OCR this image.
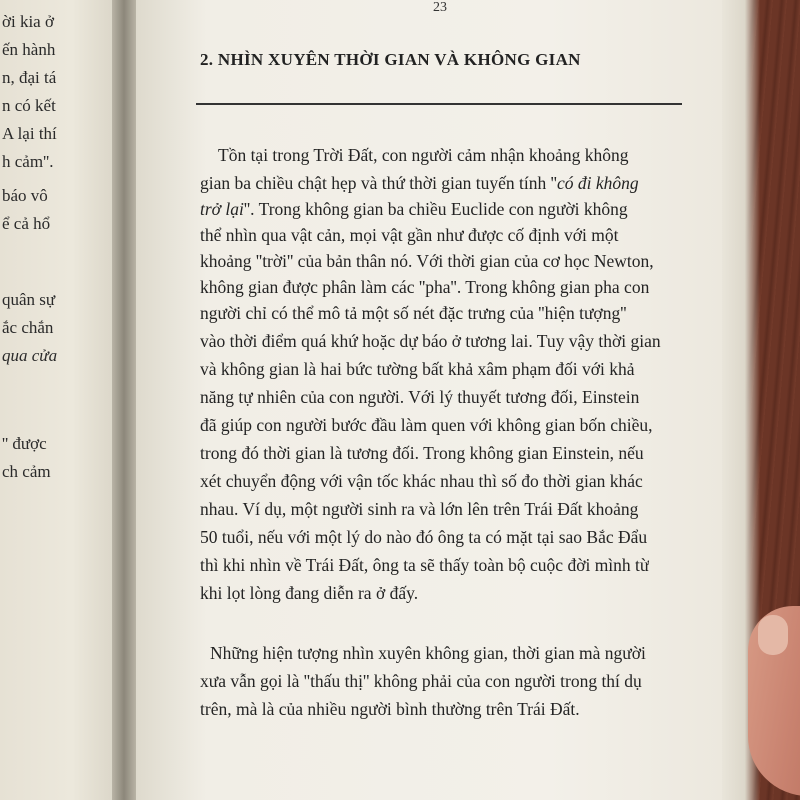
ời kia ở
ến hành
n, đại tá
n có kết
A lại thí
h cảm''.
báo vô
ể cả hổ
quân sự
ắc chắn
qua cửa
'' được
ch cảm
23
2. NHÌN XUYÊN THỜI GIAN VÀ KHÔNG GIAN
Tồn tại trong Trời Đất, con người cảm nhận khoảng không
gian ba chiều chật hẹp và thứ thời gian tuyến tính ''có đi không
trở lại''. Trong không gian ba chiều Euclide con người không
thể nhìn qua vật cản, mọi vật gần như được cố định với một
khoảng ''trời'' của bản thân nó. Với thời gian của cơ học Newton,
không gian được phân làm các ''pha''. Trong không gian pha con
người chỉ có thể mô tả một số nét đặc trưng của ''hiện tượng''
vào thời điểm quá khứ hoặc dự báo ở tương lai. Tuy vậy thời gian
và không gian là hai bức tường bất khả xâm phạm đối với khả
năng tự nhiên của con người. Với lý thuyết tương đối, Einstein
đã giúp con người bước đầu làm quen với không gian bốn chiều,
trong đó thời gian là tương đối. Trong không gian Einstein, nếu
xét chuyển động với vận tốc khác nhau thì số đo thời gian khác
nhau. Ví dụ, một người sinh ra và lớn lên trên Trái Đất khoảng
50 tuổi, nếu với một lý do nào đó ông ta có mặt tại sao Bắc Đẩu
thì khi nhìn về Trái Đất, ông ta sẽ thấy toàn bộ cuộc đời mình từ
khi lọt lòng đang diễn ra ở đấy.
Những hiện tượng nhìn xuyên không gian, thời gian mà người
xưa vẫn gọi là ''thấu thị'' không phải của con người trong thí dụ
trên, mà là của nhiều người bình thường trên Trái Đất.
